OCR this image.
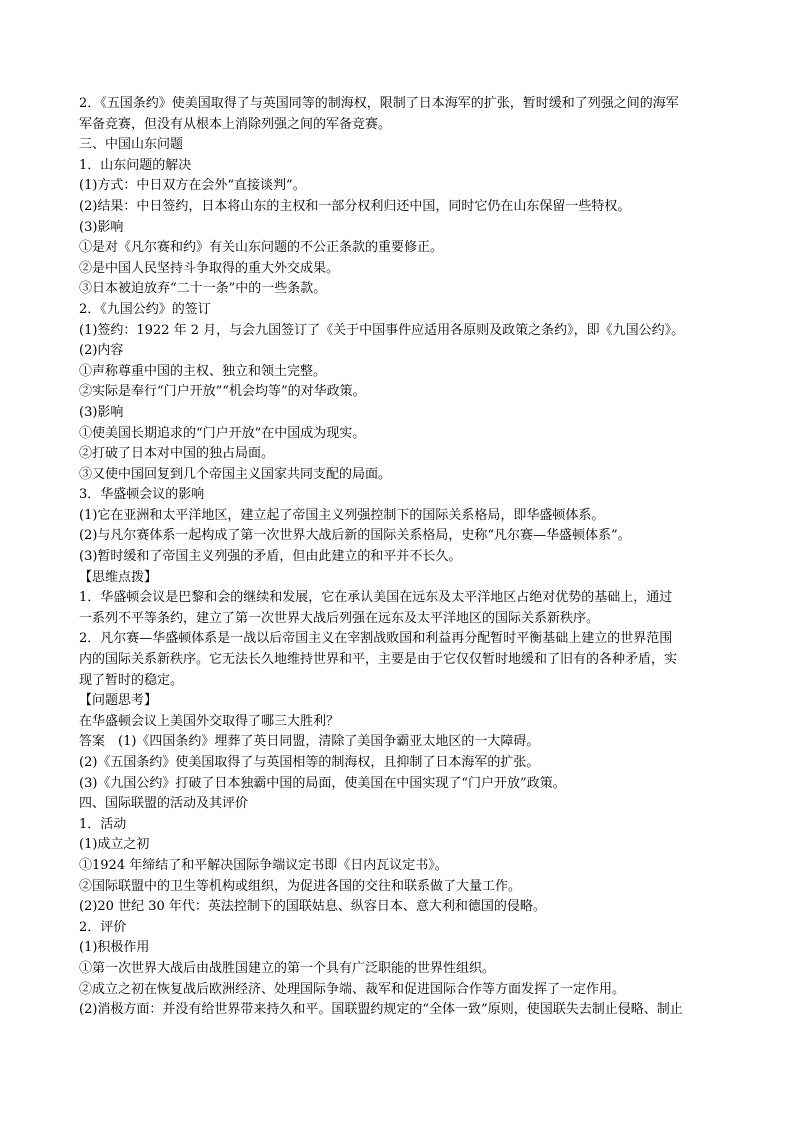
2．《五国条约》使美国取得了与英国同等的制海权，限制了日本海军的扩张，暂时缓和了列强之间的海军
军备竞赛，但没有从根本上消除列强之间的军备竞赛。
三、中国山东问题
1．山东问题的解决
(1)方式：中日双方在会外“直接谈判”。
(2)结果：中日签约，日本将山东的主权和一部分权利归还中国，同时它仍在山东保留一些特权。
(3)影响
①是对《凡尔赛和约》有关山东问题的不公正条款的重要修正。
②是中国人民坚持斗争取得的重大外交成果。
③日本被迫放弃“二十一条”中的一些条款。
2．《九国公约》的签订
(1)签约：1922 年 2 月，与会九国签订了《关于中国事件应适用各原则及政策之条约》，即《九国公约》。
(2)内容
①声称尊重中国的主权、独立和领土完整。
②实际是奉行“门户开放”“机会均等”的对华政策。
(3)影响
①使美国长期追求的“门户开放”在中国成为现实。
②打破了日本对中国的独占局面。
③又使中国回复到几个帝国主义国家共同支配的局面。
3．华盛顿会议的影响
(1)它在亚洲和太平洋地区，建立起了帝国主义列强控制下的国际关系格局，即华盛顿体系。
(2)与凡尔赛体系一起构成了第一次世界大战后新的国际关系格局，史称“凡尔赛—华盛顿体系”。
(3)暂时缓和了帝国主义列强的矛盾，但由此建立的和平并不长久。
【思维点拨】
1．华盛顿会议是巴黎和会的继续和发展，它在承认美国在远东及太平洋地区占绝对优势的基础上，通过
一系列不平等条约，建立了第一次世界大战后列强在远东及太平洋地区的国际关系新秩序。
2．凡尔赛—华盛顿体系是一战以后帝国主义在宰割战败国和利益再分配暂时平衡基础上建立的世界范围
内的国际关系新秩序。它无法长久地维持世界和平，主要是由于它仅仅暂时地缓和了旧有的各种矛盾，实
现了暂时的稳定。
【问题思考】
在华盛顿会议上美国外交取得了哪三大胜利？
答案　(1)《四国条约》埋葬了英日同盟，清除了美国争霸亚太地区的一大障碍。
(2)《五国条约》使美国取得了与英国相等的制海权，且抑制了日本海军的扩张。
(3)《九国公约》打破了日本独霸中国的局面，使美国在中国实现了“门户开放”政策。
四、国际联盟的活动及其评价
1．活动
(1)成立之初
①1924 年缔结了和平解决国际争端议定书即《日内瓦议定书》。
②国际联盟中的卫生等机构或组织，为促进各国的交往和联系做了大量工作。
(2)20 世纪 30 年代：英法控制下的国联姑息、纵容日本、意大利和德国的侵略。
2．评价
(1)积极作用
①第一次世界大战后由战胜国建立的第一个具有广泛职能的世界性组织。
②成立之初在恢复战后欧洲经济、处理国际争端、裁军和促进国际合作等方面发挥了一定作用。
(2)消极方面：并没有给世界带来持久和平。国联盟约规定的“全体一致”原则，使国联失去制止侵略、制止
